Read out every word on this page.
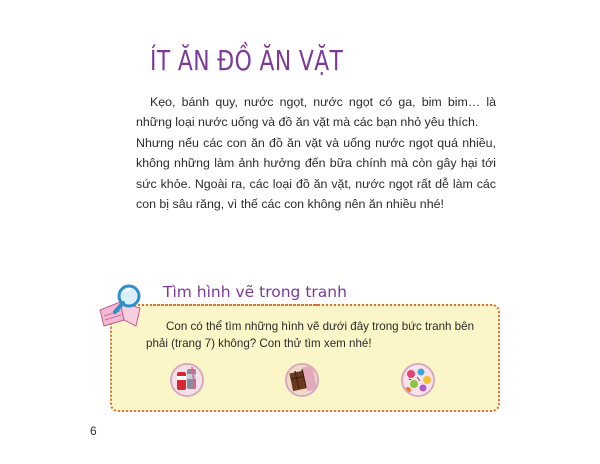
ÍT ĂN ĐỒ ĂN VẶT

Kẹo, bánh quy, nước ngọt, nước ngọt có ga, bim bim… là những loại nước uống và đồ ăn vặt mà các bạn nhỏ yêu thích.

Nhưng nếu các con ăn đồ ăn vặt và uống nước ngọt quá nhiều, không những làm ảnh hưởng đến bữa chính mà còn gây hại tới sức khỏe. Ngoài ra, các loại đồ ăn vặt, nước ngọt rất dễ làm các con bị sâu răng, vì thế các con không nên ăn nhiều nhé!

Tìm hình vẽ trong tranh
Con có thể tìm những hình vẽ dưới đây trong bức tranh bên phải (trang 7) không? Con thử tìm xem nhé!
6
